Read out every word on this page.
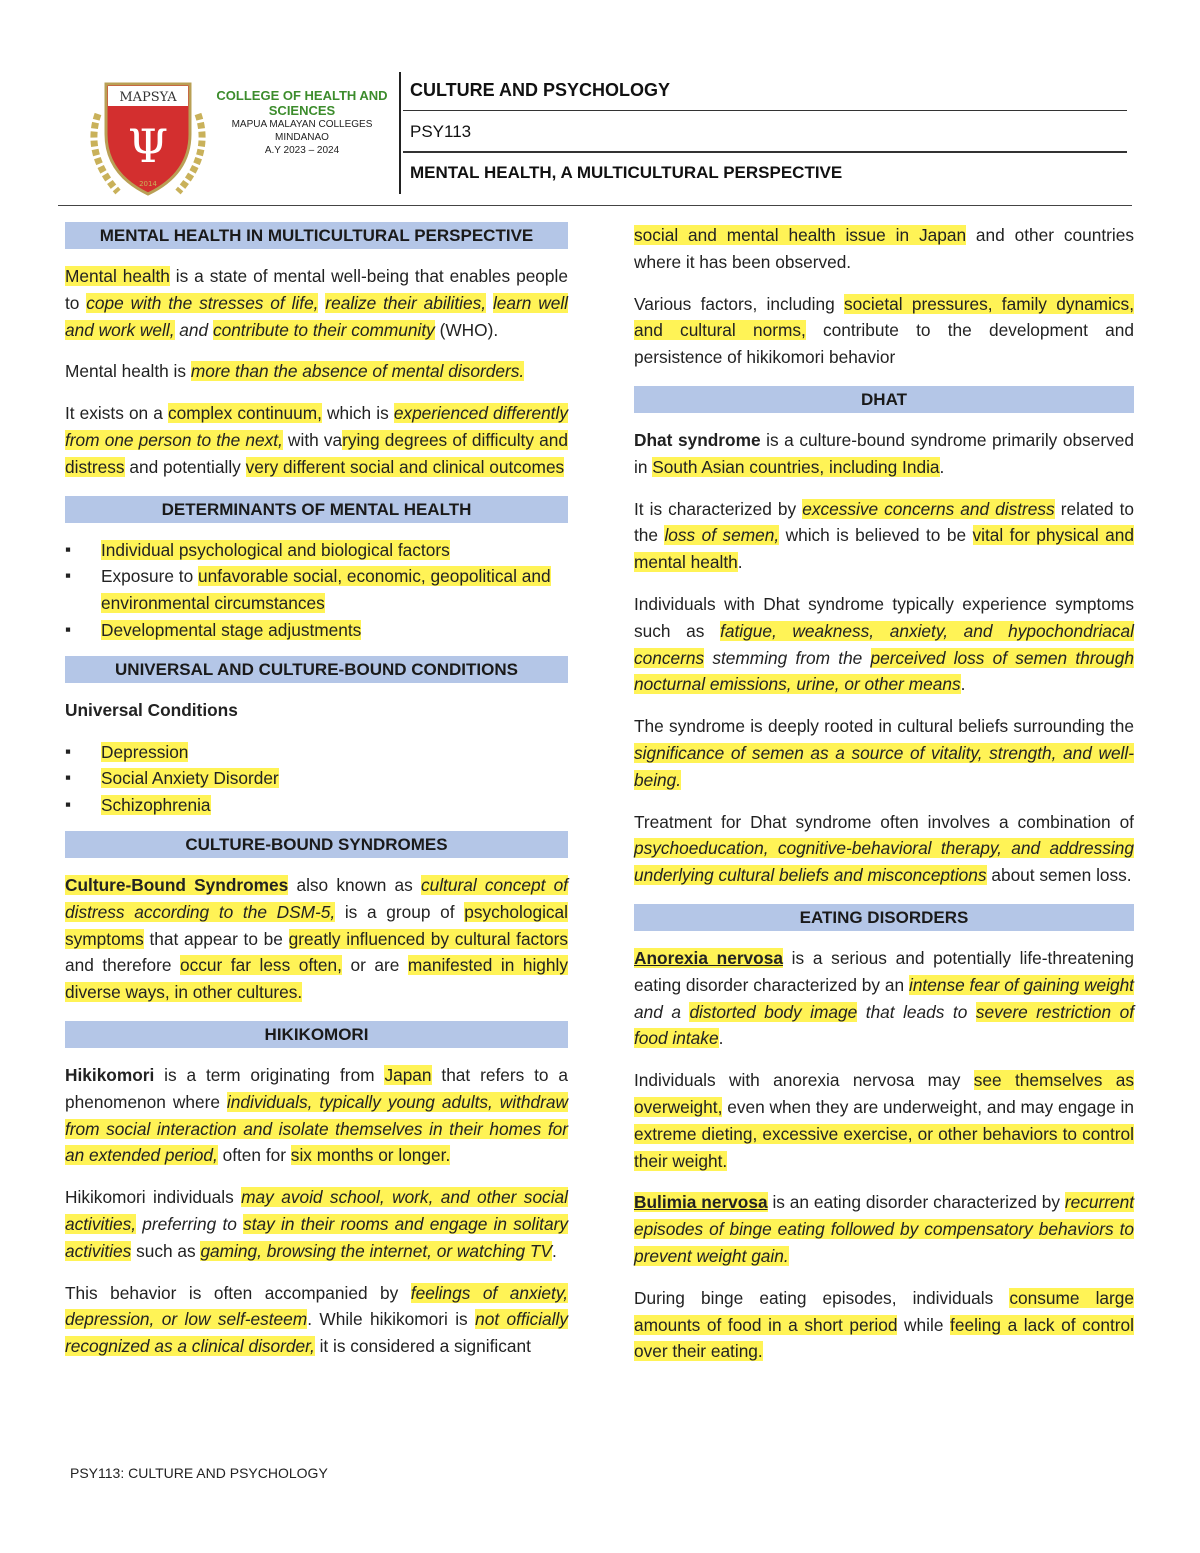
MAPSYA
Ψ
2014
COLLEGE OF HEALTH AND
SCIENCES
MAPUA MALAYAN COLLEGES
MINDANAO
A.Y 2023 – 2024
CULTURE AND PSYCHOLOGY
PSY113
MENTAL HEALTH, A MULTICULTURAL PERSPECTIVE
MENTAL HEALTH IN MULTICULTURAL PERSPECTIVE
Mental health is a state of mental well-being that enables people to cope with the stresses of life, realize their abilities, learn well and work well, and contribute to their community (WHO).
Mental health is more than the absence of mental disorders.
It exists on a complex continuum, which is experienced differently from one person to the next, with varying degrees of difficulty and distress and potentially very different social and clinical outcomes
DETERMINANTS OF MENTAL HEALTH
▪ Individual psychological and biological factors
▪ Exposure to unfavorable social, economic, geopolitical and environmental circumstances
▪ Developmental stage adjustments
UNIVERSAL AND CULTURE-BOUND CONDITIONS
Universal Conditions
▪ Depression
▪ Social Anxiety Disorder
▪ Schizophrenia
CULTURE-BOUND SYNDROMES
Culture-Bound Syndromes also known as cultural concept of distress according to the DSM-5, is a group of psychological symptoms that appear to be greatly influenced by cultural factors and therefore occur far less often, or are manifested in highly diverse ways, in other cultures.
HIKIKOMORI
Hikikomori is a term originating from Japan that refers to a phenomenon where individuals, typically young adults, withdraw from social interaction and isolate themselves in their homes for an extended period, often for six months or longer.
Hikikomori individuals may avoid school, work, and other social activities, preferring to stay in their rooms and engage in solitary activities such as gaming, browsing the internet, or watching TV.
This behavior is often accompanied by feelings of anxiety, depression, or low self-esteem. While hikikomori is not officially recognized as a clinical disorder, it is considered a significant
social and mental health issue in Japan and other countries where it has been observed.
Various factors, including societal pressures, family dynamics, and cultural norms, contribute to the development and persistence of hikikomori behavior
DHAT
Dhat syndrome is a culture-bound syndrome primarily observed in South Asian countries, including India.
It is characterized by excessive concerns and distress related to the loss of semen, which is believed to be vital for physical and mental health.
Individuals with Dhat syndrome typically experience symptoms such as fatigue, weakness, anxiety, and hypochondriacal concerns stemming from the perceived loss of semen through nocturnal emissions, urine, or other means.
The syndrome is deeply rooted in cultural beliefs surrounding the significance of semen as a source of vitality, strength, and well-being.
Treatment for Dhat syndrome often involves a combination of psychoeducation, cognitive-behavioral therapy, and addressing underlying cultural beliefs and misconceptions about semen loss.
EATING DISORDERS
Anorexia nervosa is a serious and potentially life-threatening eating disorder characterized by an intense fear of gaining weight and a distorted body image that leads to severe restriction of food intake.
Individuals with anorexia nervosa may see themselves as overweight, even when they are underweight, and may engage in extreme dieting, excessive exercise, or other behaviors to control their weight.
Bulimia nervosa is an eating disorder characterized by recurrent episodes of binge eating followed by compensatory behaviors to prevent weight gain.
During binge eating episodes, individuals consume large amounts of food in a short period while feeling a lack of control over their eating.
PSY113: CULTURE AND PSYCHOLOGY
